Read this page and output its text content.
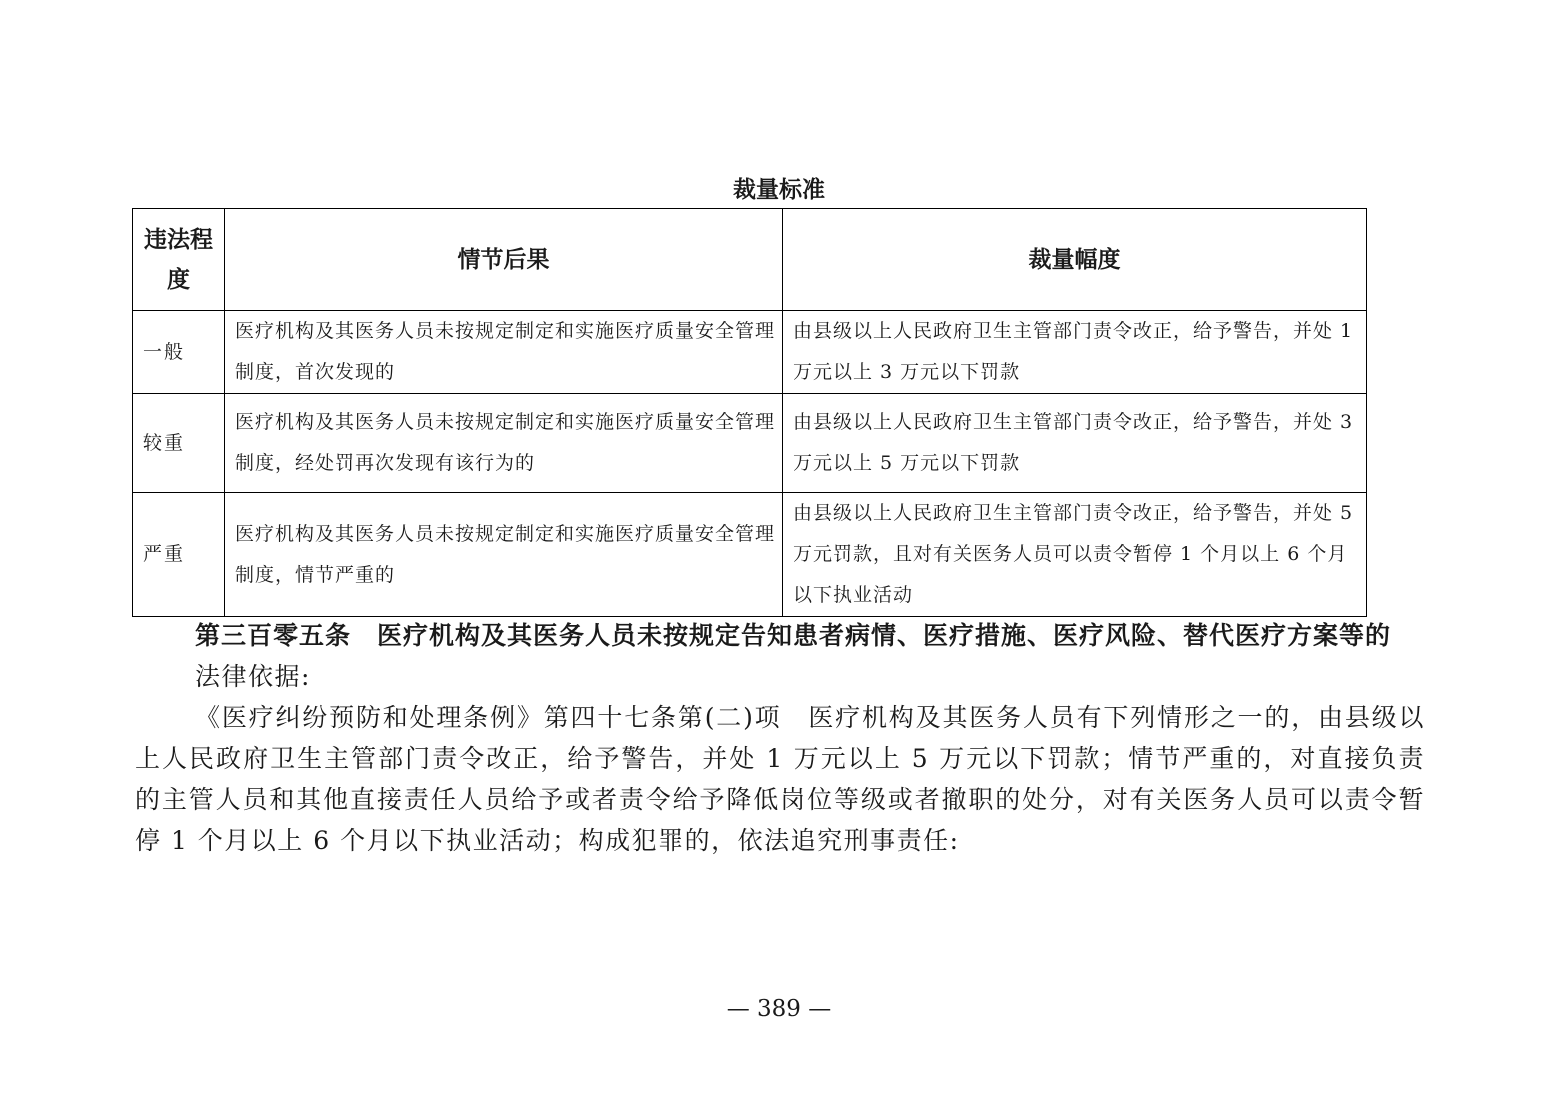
裁量标准
违法程度	情节后果	裁量幅度
一般	医疗机构及其医务人员未按规定制定和实施医疗质量安全管理制度，首次发现的	由县级以上人民政府卫生主管部门责令改正，给予警告，并处 1 万元以上 3 万元以下罚款
较重	医疗机构及其医务人员未按规定制定和实施医疗质量安全管理制度，经处罚再次发现有该行为的	由县级以上人民政府卫生主管部门责令改正，给予警告，并处 3 万元以上 5 万元以下罚款
严重	医疗机构及其医务人员未按规定制定和实施医疗质量安全管理制度，情节严重的	由县级以上人民政府卫生主管部门责令改正，给予警告，并处 5 万元罚款，且对有关医务人员可以责令暂停 1 个月以上 6 个月以下执业活动

第三百零五条　医疗机构及其医务人员未按规定告知患者病情、医疗措施、医疗风险、替代医疗方案等的

法律依据:

《医疗纠纷预防和处理条例》第四十七条第(二)项　医疗机构及其医务人员有下列情形之一的，由县级以上人民政府卫生主管部门责令改正，给予警告，并处 1 万元以上 5 万元以下罚款；情节严重的，对直接负责的主管人员和其他直接责任人员给予或者责令给予降低岗位等级或者撤职的处分，对有关医务人员可以责令暂停 1 个月以上 6 个月以下执业活动；构成犯罪的，依法追究刑事责任:

— 389 —
